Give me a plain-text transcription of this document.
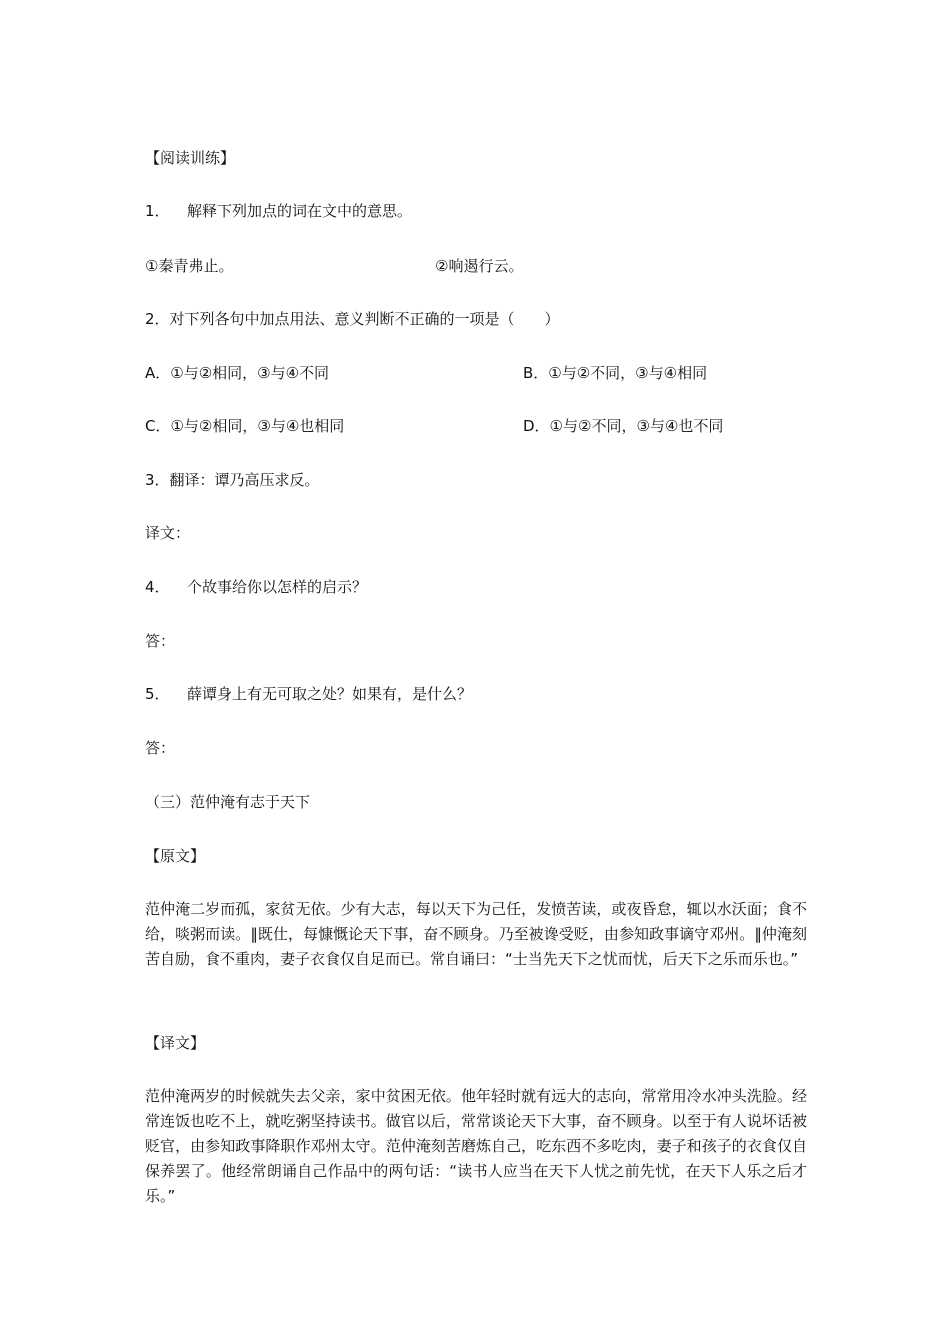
【阅读训练】
1． 解释下列加点的词在文中的意思。
①秦青弗止。	②响遏行云。
2．对下列各句中加点用法、意义判断不正确的一项是（　　）
A．①与②相同，③与④不同	B．①与②不同，③与④相同
C．①与②相同，③与④也相同	D．①与②不同，③与④也不同
3．翻译：谭乃高压求反。
译文：
4． 个故事给你以怎样的启示？
答：
5． 薛谭身上有无可取之处？如果有，是什么？
答：
（三）范仲淹有志于天下
【原文】
范仲淹二岁而孤，家贫无依。少有大志，每以天下为己任，发愤苦读，或夜昏怠，辄以水沃面；食不给，啖粥而读。‖既仕，每慷慨论天下事，奋不顾身。乃至被谗受贬，由参知政事谪守邓州。‖仲淹刻苦自励，食不重肉，妻子衣食仅自足而已。常自诵曰：“士当先天下之忧而忧，后天下之乐而乐也。”
【译文】
范仲淹两岁的时候就失去父亲，家中贫困无依。他年轻时就有远大的志向，常常用冷水冲头洗脸。经常连饭也吃不上，就吃粥坚持读书。做官以后，常常谈论天下大事，奋不顾身。以至于有人说坏话被贬官，由参知政事降职作邓州太守。范仲淹刻苦磨炼自己，吃东西不多吃肉，妻子和孩子的衣食仅自保养罢了。他经常朗诵自己作品中的两句话：“读书人应当在天下人忧之前先忧，在天下人乐之后才乐。”
